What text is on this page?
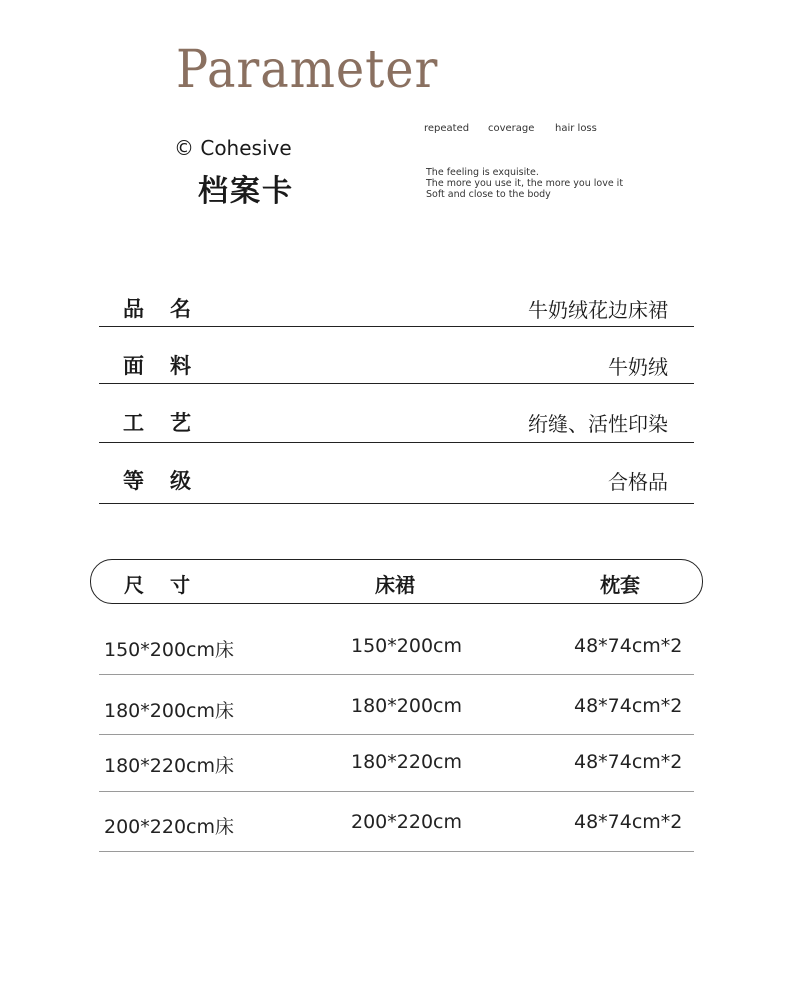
Parameter
© Cohesive
档案卡
repeated coverage hair loss
The feeling is exquisite.
The more you use it, the more you love it
Soft and close to the body
品名	牛奶绒花边床裙
面料	牛奶绒
工艺	绗缝、活性印染
等级	合格品
尺寸	床裙	枕套
150*200cm床	150*200cm	48*74cm*2
180*200cm床	180*200cm	48*74cm*2
180*220cm床	180*220cm	48*74cm*2
200*220cm床	200*220cm	48*74cm*2
